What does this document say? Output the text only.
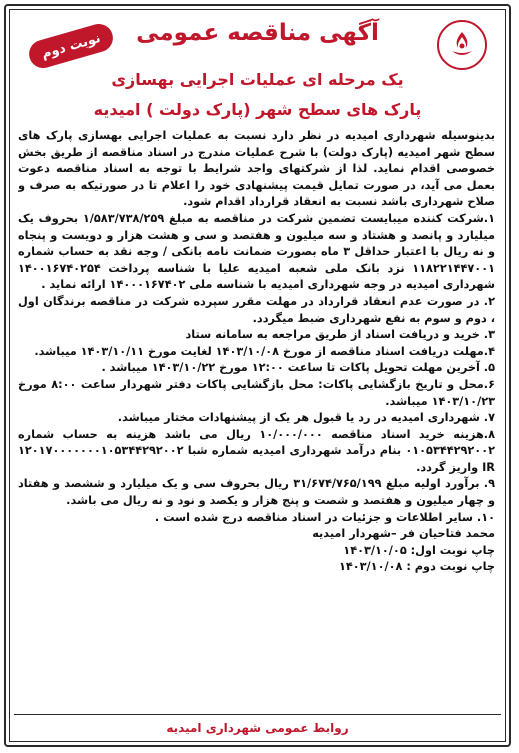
نوبت دوم	آگهی مناقصه عمومی
یک مرحله ای عملیات اجرایی بهسازی
پارک های سطح شهر (پارک دولت ) امیدیه

بدینوسیله شهرداری امیدیه در نظر دارد نسبت به عملیات اجرایی بهسازی پارک های سطح شهر امیدیه (پارک دولت) با شرح عملیات مندرج در اسناد مناقصه از طریق بخش خصوصی اقدام نماید. لذا از شرکتهای واجد شرایط با توجه به اسناد مناقصه دعوت بعمل می آید، در صورت تمایل قیمت پیشنهادی خود را اعلام تا در صورتیکه به صرف و صلاح شهرداری باشد نسبت به انعقاد قرارداد اقدام شود.

۱.شرکت کننده میبایست تضمین شرکت در مناقصه به مبلغ ۱/۵۸۳/۷۳۸/۲۵۹ بحروف یک میلیارد و پانصد و هشتاد و سه میلیون و هفتصد و سی و هشت هزار و دویست و پنجاه و نه ریال با اعتبار حداقل ۳ ماه بصورت ضمانت نامه بانکی / وجه نقد به حساب شماره ۱۱۸۲۲۱۴۴۷۰۰۱ نزد بانک ملی شعبه امیدیه علیا با شناسه پرداخت ۱۴۰۰۱۶۷۴۰۲۵۴ شهرداری امیدیه در وجه شهرداری امیدیه با شناسه ملی ۱۴۰۰۰۱۶۷۴۰۲ ارائه نماید .

۲. در صورت عدم انعقاد قرارداد در مهلت مقرر سپرده شرکت در مناقصه برندگان اول ، دوم و سوم به نفع شهرداری ضبط میگردد.

۳. خرید و دریافت اسناد از طریق مراجعه به سامانه ستاد

۴.مهلت دریافت اسناد مناقصه از مورخ ۱۴۰۳/۱۰/۰۸ لغایت مورخ ۱۴۰۳/۱۰/۱۱ میباشد.

۵. آخرین مهلت تحویل پاکات تا ساعت ۱۲:۰۰ مورخ ۱۴۰۳/۱۰/۲۲ میباشد .

۶.محل و تاریخ بازگشایی پاکات: محل بازگشایی پاکات دفتر شهردار ساعت ۸:۰۰ مورخ ۱۴۰۳/۱۰/۲۳ میباشد.

۷. شهرداری امیدیه در رد یا قبول هر یک از پیشنهادات مختار میباشد.

۸.هزینه خرید اسناد مناقصه ۱۰/۰۰۰/۰۰۰ ریال می باشد هزینه به حساب شماره ۰۱۰۵۳۴۴۲۹۲۰۰۲ بنام درآمد شهرداری امیدیه شماره شبا ۱۲۰۱۷۰۰۰۰۰۰۰۱۰۵۳۴۴۲۹۲۰۰۲ IR واریز گردد.

۹. برآورد اولیه مبلغ ۳۱/۶۷۴/۷۶۵/۱۹۹ ریال بحروف سی و یک میلیارد و ششصد و هفتاد و چهار میلیون و هفتصد و شصت و پنج هزار و یکصد و نود و نه ریال می باشد.

۱۰. سایر اطلاعات و جزئیات در اسناد مناقصه درج شده است .

محمد فتاحیان فر –شهردار امیدیه

چاپ نوبت اول: ۱۴۰۳/۱۰/۰۵

چاپ نوبت دوم : ۱۴۰۳/۱۰/۰۸

روابط عمومی شهرداری امیدیه
